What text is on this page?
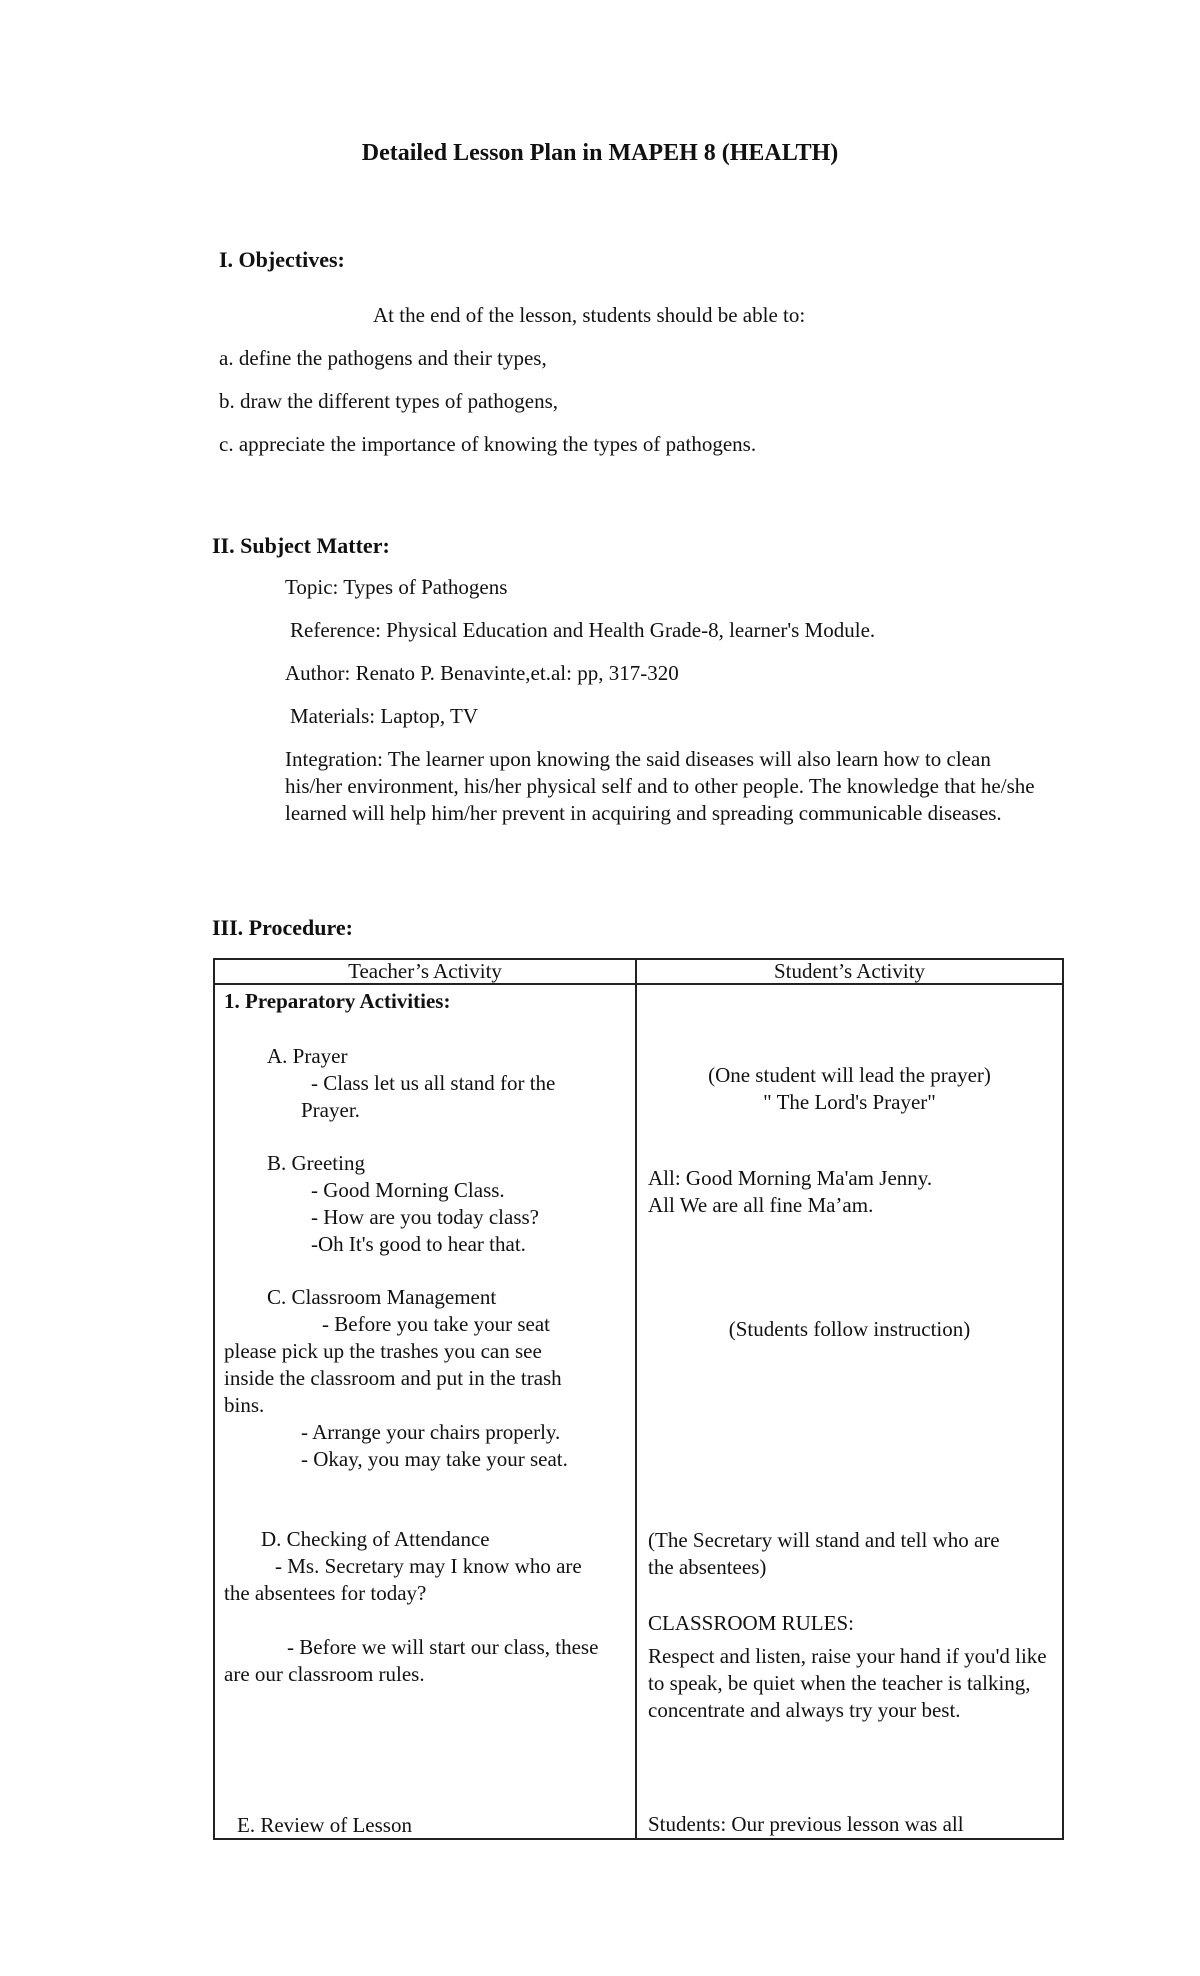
Detailed Lesson Plan in MAPEH 8 (HEALTH)
I. Objectives:
At the end of the lesson, students should be able to:
a. define the pathogens and their types,
b. draw the different types of pathogens,
c. appreciate the importance of knowing the types of pathogens.
II. Subject Matter:
Topic: Types of Pathogens
Reference: Physical Education and Health Grade-8, learner's Module.
Author: Renato P. Benavinte,et.al: pp, 317-320
Materials: Laptop, TV
Integration: The learner upon knowing the said diseases will also learn how to clean his/her environment, his/her physical self and to other people. The knowledge that he/she learned will help him/her prevent in acquiring and spreading communicable diseases.
III. Procedure:
Teacher’s Activity	Student’s Activity
1. Preparatory Activities:
A. Prayer
- Class let us all stand for the
Prayer.
B. Greeting
- Good Morning Class.
- How are you today class?
-Oh It's good to hear that.
C. Classroom Management
- Before you take your seat
please pick up the trashes you can see
inside the classroom and put in the trash
bins.
- Arrange your chairs properly.
- Okay, you may take your seat.
D. Checking of Attendance
- Ms. Secretary may I know who are
the absentees for today?
- Before we will start our class, these
are our classroom rules.
E. Review of Lesson
(One student will lead the prayer)
" The Lord's Prayer"
All: Good Morning Ma'am Jenny.
All We are all fine Ma’am.
(Students follow instruction)
(The Secretary will stand and tell who are
the absentees)
CLASSROOM RULES:
Respect and listen, raise your hand if you'd like to speak, be quiet when the teacher is talking, concentrate and always try your best.
Students: Our previous lesson was all
